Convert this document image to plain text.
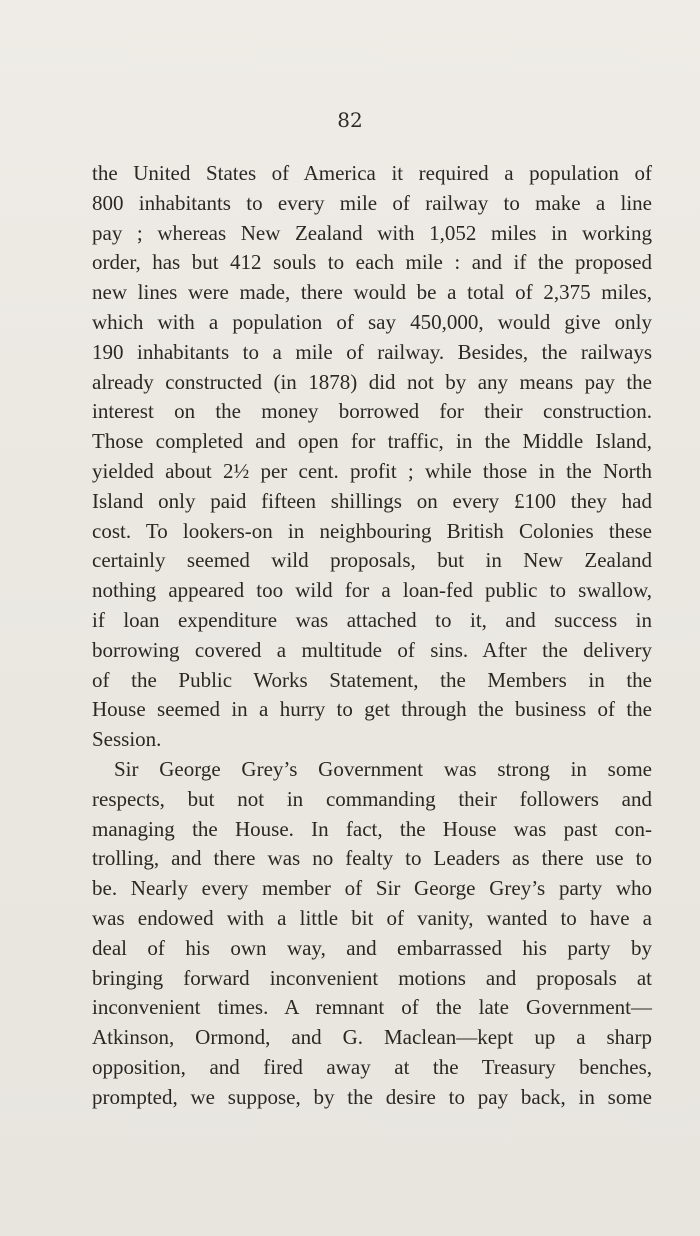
82
the United States of America it required a population of
800 inhabitants to every mile of railway to make a line
pay ; whereas New Zealand with 1,052 miles in working
order, has but 412 souls to each mile : and if the proposed
new lines were made, there would be a total of 2,375 miles,
which with a population of say 450,000, would give only
190 inhabitants to a mile of railway. Besides, the railways
already constructed (in 1878) did not by any means pay the
interest on the money borrowed for their construction.
Those completed and open for traffic, in the Middle Island,
yielded about 2½ per cent. profit ; while those in the North
Island only paid fifteen shillings on every £100 they had
cost. To lookers-on in neighbouring British Colonies these
certainly seemed wild proposals, but in New Zealand
nothing appeared too wild for a loan-fed public to swallow,
if loan expenditure was attached to it, and success in
borrowing covered a multitude of sins. After the delivery
of the Public Works Statement, the Members in the
House seemed in a hurry to get through the business of the
Session.
Sir George Grey’s Government was strong in some
respects, but not in commanding their followers and
managing the House. In fact, the House was past con-
trolling, and there was no fealty to Leaders as there use to
be. Nearly every member of Sir George Grey’s party who
was endowed with a little bit of vanity, wanted to have a
deal of his own way, and embarrassed his party by
bringing forward inconvenient motions and proposals at
inconvenient times. A remnant of the late Government—
Atkinson, Ormond, and G. Maclean—kept up a sharp
opposition, and fired away at the Treasury benches,
prompted, we suppose, by the desire to pay back, in some
